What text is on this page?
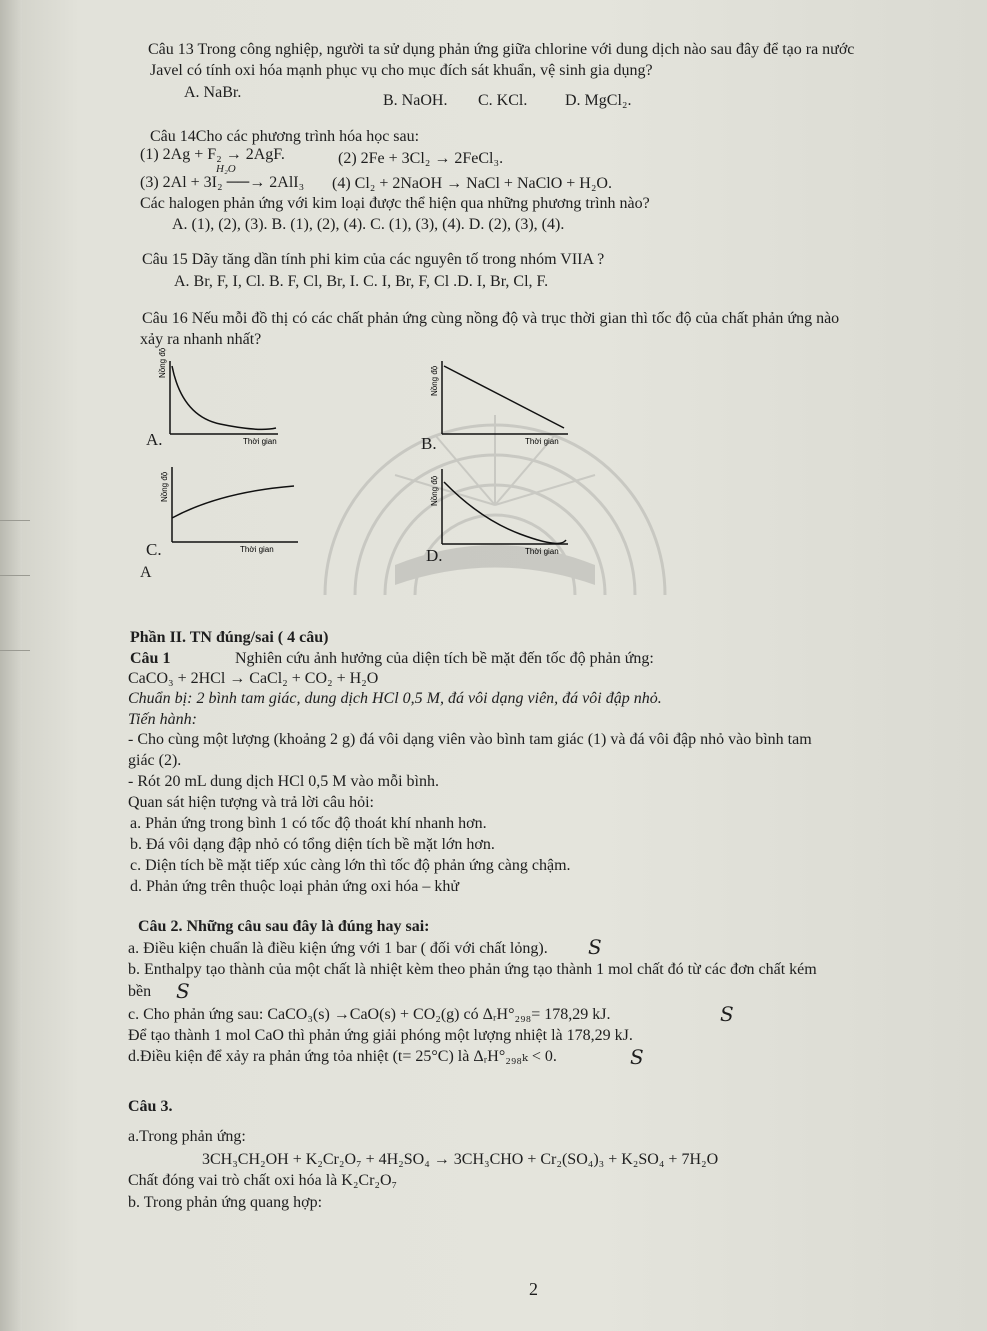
Câu 13 Trong công nghiệp, người ta sử dụng phản ứng giữa chlorine với dung dịch nào sau đây để tạo ra nước
Javel có tính oxi hóa mạnh phục vụ cho mục đích sát khuẩn, vệ sinh gia dụng?
A. NaBr.	B. NaOH. C. KCl. D. MgCl₂.
Câu 14Cho các phương trình hóa học sau:
(1) 2Ag + F₂ → 2AgF.	(2) 2Fe + 3Cl₂ → 2FeCl₃.
H₂O
(3) 2Al + 3I₂ ──→ 2AlI₃ (4) Cl₂ + 2NaOH → NaCl + NaClO + H₂O.
Các halogen phản ứng với kim loại được thể hiện qua những phương trình nào?
A. (1), (2), (3). B. (1), (2), (4). C. (1), (3), (4). D. (2), (3), (4).
Câu 15 Dãy tăng dần tính phi kim của các nguyên tố trong nhóm VIIA ?
A. Br, F, I, Cl. B. F, Cl, Br, I. C. I, Br, F, Cl .D. I, Br, Cl, F.
Câu 16 Nếu mỗi đồ thị có các chất phản ứng cùng nồng độ và trục thời gian thì tốc độ của chất phản ứng nào
xảy ra nhanh nhất?
Nồng độ
Thời gian
A.
Nồng độ
Thời gian
B.
Nồng độ
Thời gian
C.
Nồng độ
Thời gian
D.
A
Phần II. TN đúng/sai ( 4 câu)
Câu 1	Nghiên cứu ảnh hưởng của diện tích bề mặt đến tốc độ phản ứng:
CaCO₃ + 2HCl → CaCl₂ + CO₂ + H₂O
Chuẩn bị: 2 bình tam giác, dung dịch HCl 0,5 M, đá vôi dạng viên, đá vôi đập nhỏ.
Tiến hành:
- Cho cùng một lượng (khoảng 2 g) đá vôi dạng viên vào bình tam giác (1) và đá vôi đập nhỏ vào bình tam
giác (2).
- Rót 20 mL dung dịch HCl 0,5 M vào mỗi bình.
Quan sát hiện tượng và trả lời câu hỏi:
a. Phản ứng trong bình 1 có tốc độ thoát khí nhanh hơn.
b. Đá vôi dạng đập nhỏ có tổng diện tích bề mặt lớn hơn.
c. Diện tích bề mặt tiếp xúc càng lớn thì tốc độ phản ứng càng chậm.
d. Phản ứng trên thuộc loại phản ứng oxi hóa – khử
Câu 2. Những câu sau đây là đúng hay sai:
a. Điều kiện chuẩn là điều kiện ứng với 1 bar ( đối với chất lỏng). S
b. Enthalpy tạo thành của một chất là nhiệt kèm theo phản ứng tạo thành 1 mol chất đó từ các đơn chất kém
bền S
c. Cho phản ứng sau: CaCO₃(s) →CaO(s) + CO₂(g) có ΔᵣH°₂₉₈= 178,29 kJ.	S
Để tạo thành 1 mol CaO thì phản ứng giải phóng một lượng nhiệt là 178,29 kJ.
d.Điều kiện để xảy ra phản ứng tỏa nhiệt (t= 25°C) là ΔᵣH°₂₉₈ₖ < 0.	S
Câu 3.
a.Trong phản ứng:
3CH₃CH₂OH + K₂Cr₂O₇ + 4H₂SO₄ → 3CH₃CHO + Cr₂(SO₄)₃ + K₂SO₄ + 7H₂O
Chất đóng vai trò chất oxi hóa là K₂Cr₂O₇
b. Trong phản ứng quang hợp:
2
